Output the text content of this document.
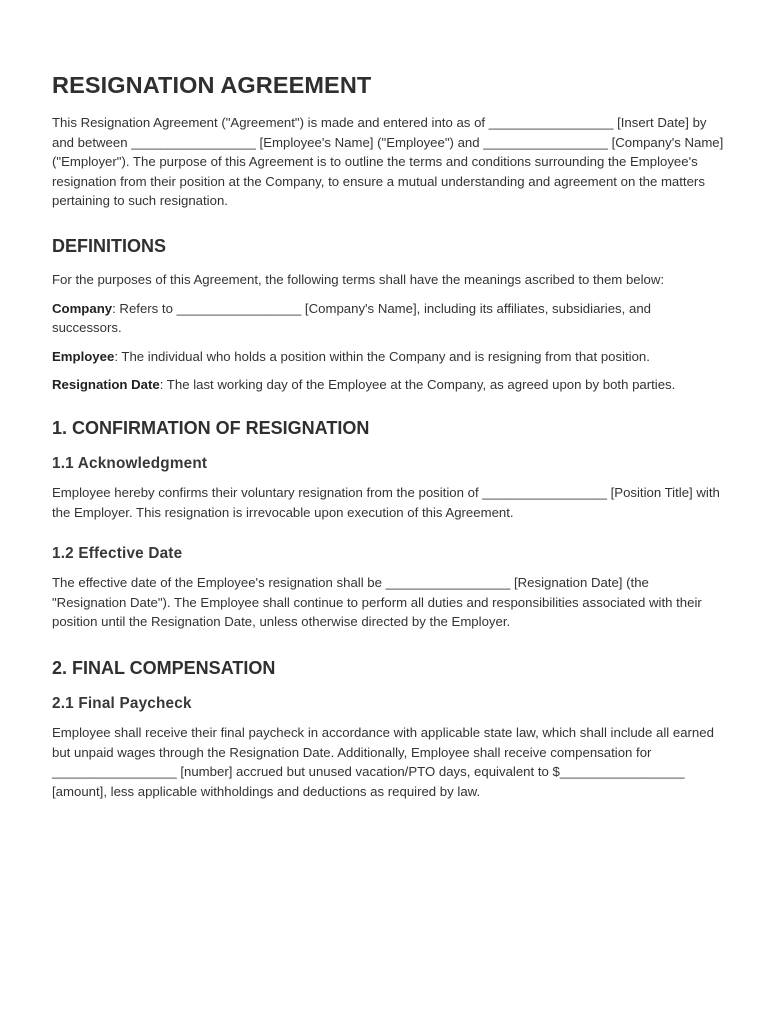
RESIGNATION AGREEMENT

This Resignation Agreement ("Agreement") is made and entered into as of _________________ [Insert Date] by and between _________________ [Employee's Name] ("Employee") and _________________ [Company's Name] ("Employer"). The purpose of this Agreement is to outline the terms and conditions surrounding the Employee's resignation from their position at the Company, to ensure a mutual understanding and agreement on the matters pertaining to such resignation.

DEFINITIONS

For the purposes of this Agreement, the following terms shall have the meanings ascribed to them below:

Company: Refers to _________________ [Company's Name], including its affiliates, subsidiaries, and successors.

Employee: The individual who holds a position within the Company and is resigning from that position.

Resignation Date: The last working day of the Employee at the Company, as agreed upon by both parties.

1. CONFIRMATION OF RESIGNATION
1.1 Acknowledgment

Employee hereby confirms their voluntary resignation from the position of _________________ [Position Title] with the Employer. This resignation is irrevocable upon execution of this Agreement.

1.2 Effective Date

The effective date of the Employee's resignation shall be _________________ [Resignation Date] (the "Resignation Date"). The Employee shall continue to perform all duties and responsibilities associated with their position until the Resignation Date, unless otherwise directed by the Employer.

2. FINAL COMPENSATION
2.1 Final Paycheck

Employee shall receive their final paycheck in accordance with applicable state law, which shall include all earned but unpaid wages through the Resignation Date. Additionally, Employee shall receive compensation for _________________ [number] accrued but unused vacation/PTO days, equivalent to $_________________ [amount], less applicable withholdings and deductions as required by law.
